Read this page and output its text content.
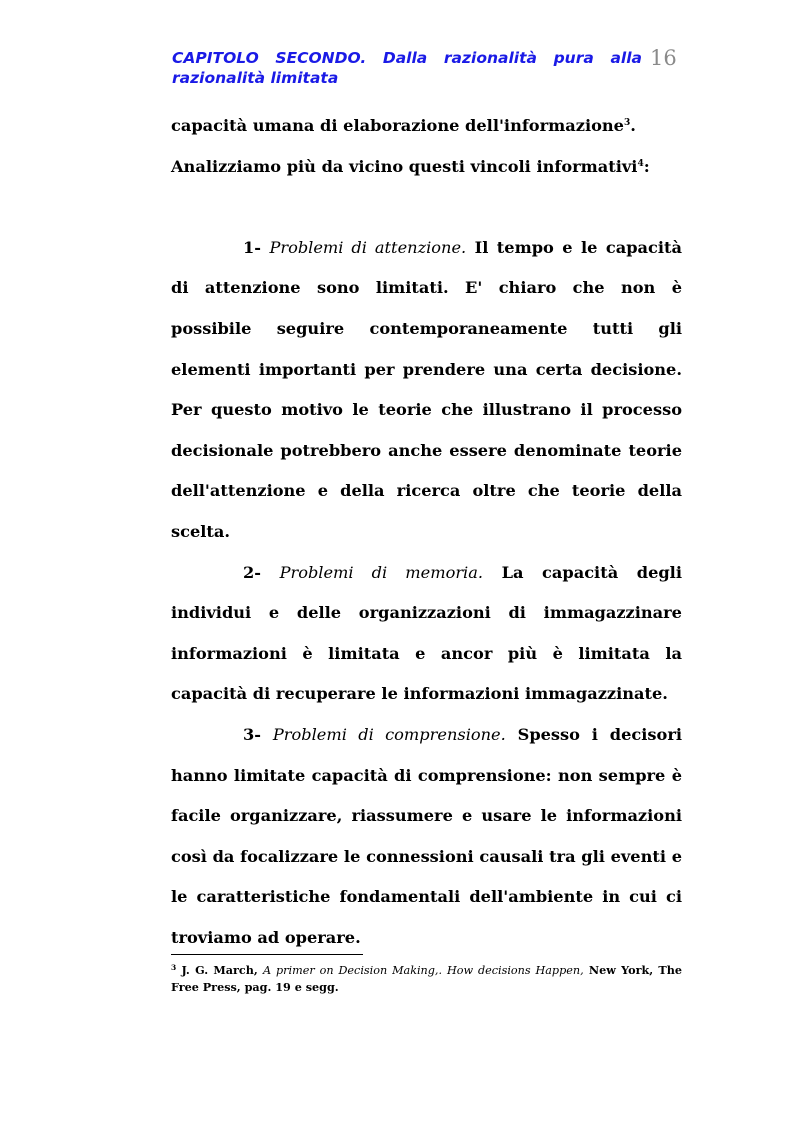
CAPITOLO SECONDO. Dalla razionalità pura alla razionalità limitata
16

capacità umana di elaborazione dell'informazione$^3$.

Analizziamo più da vicino questi vincoli informativi$^4$:

1- Problemi di attenzione. Il tempo e le capacità di attenzione sono limitati. E' chiaro che non è possibile seguire contemporaneamente tutti gli elementi importanti per prendere una certa decisione. Per questo motivo le teorie che illustrano il processo decisionale potrebbero anche essere denominate teorie dell'attenzione e della ricerca oltre che teorie della scelta.

2- Problemi di memoria. La capacità degli individui e delle organizzazioni di immagazzinare informazioni è limitata e ancor più è limitata la capacità di recuperare le informazioni immagazzinate.

3- Problemi di comprensione. Spesso i decisori hanno limitate capacità di comprensione: non sempre è facile organizzare, riassumere e usare le informazioni così da focalizzare le connessioni causali tra gli eventi e le caratteristiche fondamentali dell'ambiente in cui ci troviamo ad operare.

$^3$ J. G. March, A primer on Decision Making,. How decisions Happen, New York, The Free Press, pag. 19 e segg.
